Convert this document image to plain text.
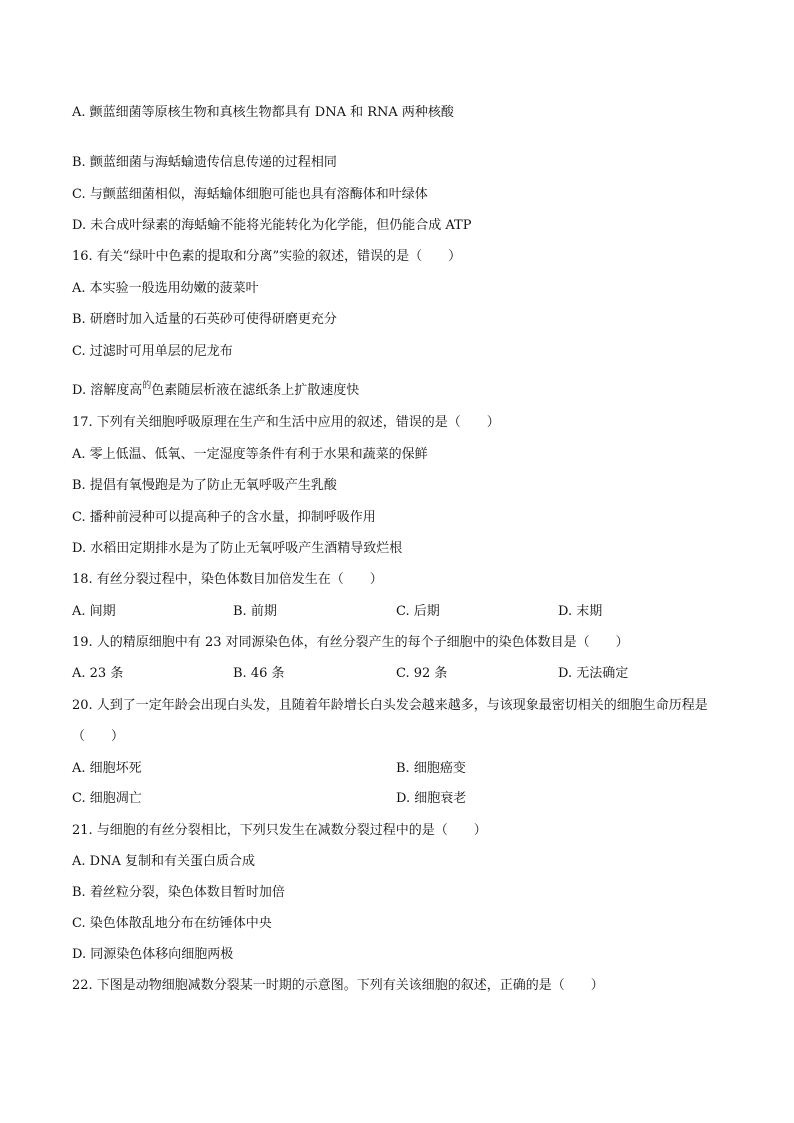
A. 颤蓝细菌等原核生物和真核生物都具有 DNA 和 RNA 两种核酸
B. 颤蓝细菌与海蛞蝓遗传信息传递的过程相同
C. 与颤蓝细菌相似，海蛞蝓体细胞可能也具有溶酶体和叶绿体
D. 未合成叶绿素的海蛞蝓不能将光能转化为化学能，但仍能合成 ATP
16. 有关“绿叶中色素的提取和分离”实验的叙述，错误的是（　　）
A. 本实验一般选用幼嫩的菠菜叶
B. 研磨时加入适量的石英砂可使得研磨更充分
C. 过滤时可用单层的尼龙布
D. 溶解度高$^的$色素随层析液在滤纸条上扩散速度快
17. 下列有关细胞呼吸原理在生产和生活中应用的叙述，错误的是（　　）
A. 零上低温、低氧、一定湿度等条件有利于水果和蔬菜的保鲜
B. 提倡有氧慢跑是为了防止无氧呼吸产生乳酸
C. 播种前浸种可以提高种子的含水量，抑制呼吸作用
D. 水稻田定期排水是为了防止无氧呼吸产生酒精导致烂根
18. 有丝分裂过程中，染色体数目加倍发生在（　　）
A. 间期	B. 前期	C. 后期	D. 末期
19. 人的精原细胞中有 23 对同源染色体，有丝分裂产生的每个子细胞中的染色体数目是（　　）
A. 23 条	B. 46 条	C. 92 条	D. 无法确定
20. 人到了一定年龄会出现白头发，且随着年龄增长白头发会越来越多，与该现象最密切相关的细胞生命历程是（　　）
A. 细胞坏死	B. 细胞癌变
C. 细胞凋亡	D. 细胞衰老
21. 与细胞的有丝分裂相比，下列只发生在减数分裂过程中的是（　　）
A. DNA 复制和有关蛋白质合成
B. 着丝粒分裂，染色体数目暂时加倍
C. 染色体散乱地分布在纺锤体中央
D. 同源染色体移向细胞两极
22. 下图是动物细胞减数分裂某一时期的示意图。下列有关该细胞的叙述，正确的是（　　）
